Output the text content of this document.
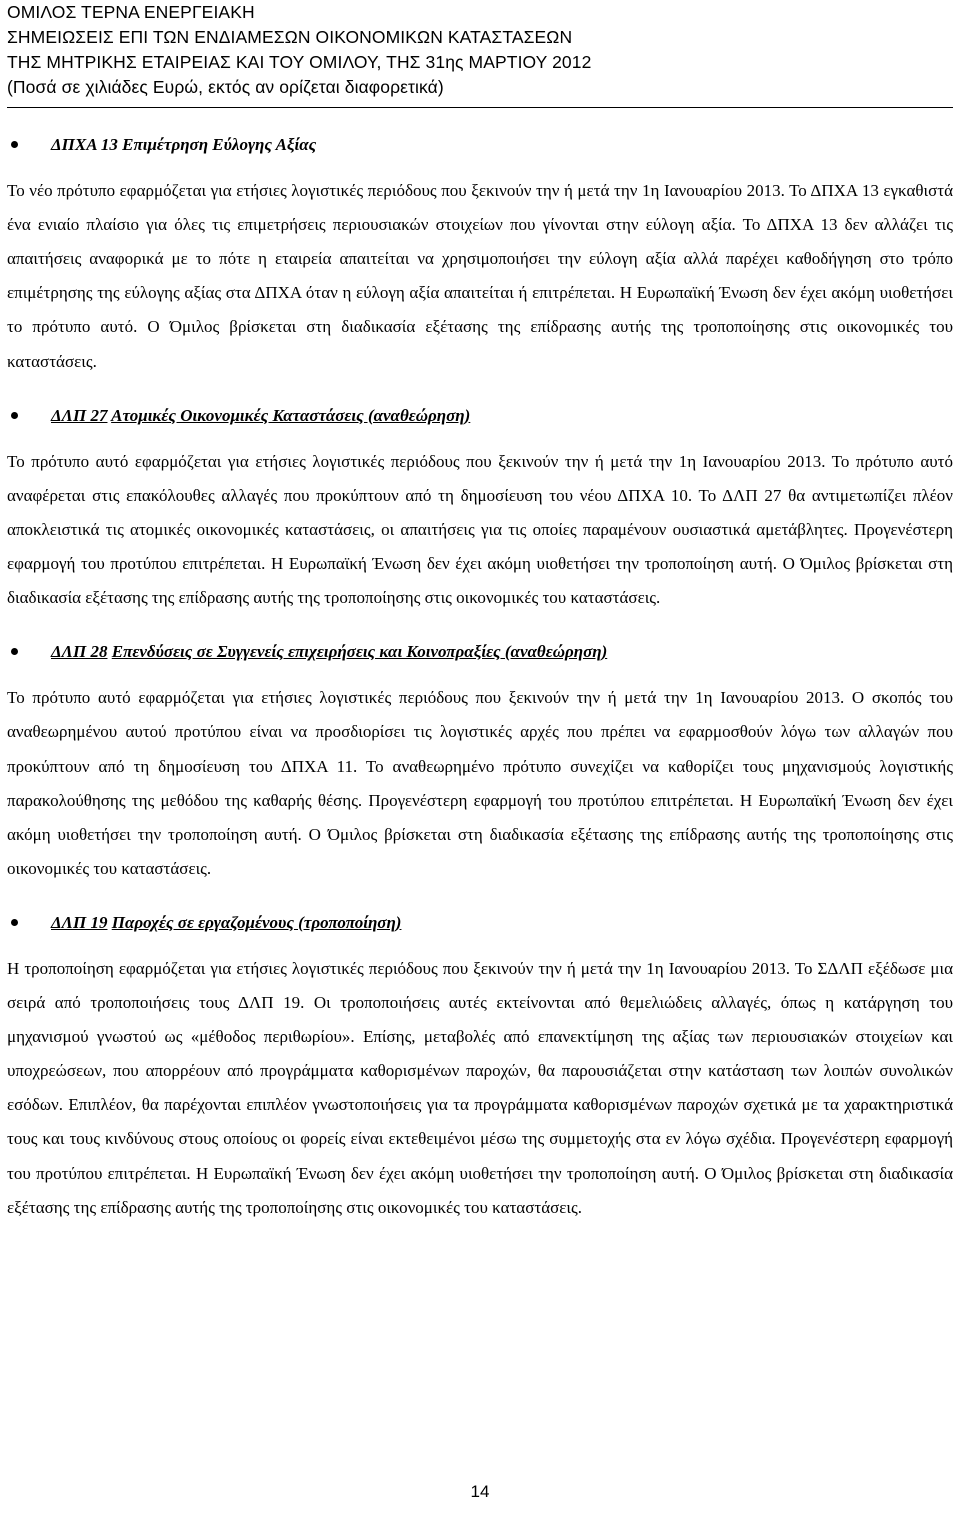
ΟΜΙΛΟΣ ΤΕΡΝΑ ΕΝΕΡΓΕΙΑΚΗ
ΣΗΜΕΙΩΣΕΙΣ ΕΠΙ ΤΩΝ ΕΝΔΙΑΜΕΣΩΝ ΟΙΚΟΝΟΜΙΚΩΝ ΚΑΤΑΣΤΑΣΕΩΝ
ΤΗΣ ΜΗΤΡΙΚΗΣ ΕΤΑΙΡΕΙΑΣ ΚΑΙ ΤΟΥ ΟΜΙΛΟΥ, ΤΗΣ 31ης ΜΑΡΤΙΟΥ 2012
(Ποσά σε χιλιάδες Ευρώ, εκτός αν ορίζεται διαφορετικά)
ΔΠΧΑ 13 Επιμέτρηση Εύλογης Αξίας

Το νέο πρότυπο εφαρμόζεται για ετήσιες λογιστικές περιόδους που ξεκινούν την ή μετά την 1η Ιανουαρίου 2013. Το ΔΠΧΑ 13 εγκαθιστά ένα ενιαίο πλαίσιο για όλες τις επιμετρήσεις περιουσιακών στοιχείων που γίνονται στην εύλογη αξία. Το ΔΠΧΑ 13 δεν αλλάζει τις απαιτήσεις αναφορικά με το πότε η εταιρεία απαιτείται να χρησιμοποιήσει την εύλογη αξία αλλά παρέχει καθοδήγηση στο τρόπο επιμέτρησης της εύλογης αξίας στα ΔΠΧΑ όταν η εύλογη αξία απαιτείται ή επιτρέπεται. Η Ευρωπαϊκή Ένωση δεν έχει ακόμη υιοθετήσει το πρότυπο αυτό. Ο Όμιλος βρίσκεται στη διαδικασία εξέτασης της επίδρασης αυτής της τροποποίησης στις οικονομικές του καταστάσεις.

ΔΛΠ 27 Ατομικές Οικονομικές Καταστάσεις (αναθεώρηση)

Το πρότυπο αυτό εφαρμόζεται για ετήσιες λογιστικές περιόδους που ξεκινούν την ή μετά την 1η Ιανουαρίου 2013. Το πρότυπο αυτό αναφέρεται στις επακόλουθες αλλαγές που προκύπτουν από τη δημοσίευση του νέου ΔΠΧΑ 10. Το ΔΛΠ 27 θα αντιμετωπίζει πλέον αποκλειστικά τις ατομικές οικονομικές καταστάσεις, οι απαιτήσεις για τις οποίες παραμένουν ουσιαστικά αμετάβλητες. Προγενέστερη εφαρμογή του προτύπου επιτρέπεται. Η Ευρωπαϊκή Ένωση δεν έχει ακόμη υιοθετήσει την τροποποίηση αυτή. Ο Όμιλος βρίσκεται στη διαδικασία εξέτασης της επίδρασης αυτής της τροποποίησης στις οικονομικές του καταστάσεις.

ΔΛΠ 28 Επενδύσεις σε Συγγενείς επιχειρήσεις και Κοινοπραξίες (αναθεώρηση)

Το πρότυπο αυτό εφαρμόζεται για ετήσιες λογιστικές περιόδους που ξεκινούν την ή μετά την 1η Ιανουαρίου 2013. Ο σκοπός του αναθεωρημένου αυτού προτύπου είναι να προσδιορίσει τις λογιστικές αρχές που πρέπει να εφαρμοσθούν λόγω των αλλαγών που προκύπτουν από τη δημοσίευση του ΔΠΧΑ 11. Το αναθεωρημένο πρότυπο συνεχίζει να καθορίζει τους μηχανισμούς λογιστικής παρακολούθησης της μεθόδου της καθαρής θέσης. Προγενέστερη εφαρμογή του προτύπου επιτρέπεται. Η Ευρωπαϊκή Ένωση δεν έχει ακόμη υιοθετήσει την τροποποίηση αυτή. Ο Όμιλος βρίσκεται στη διαδικασία εξέτασης της επίδρασης αυτής της τροποποίησης στις οικονομικές του καταστάσεις.

ΔΛΠ 19 Παροχές σε εργαζομένους (τροποποίηση)

Η τροποποίηση εφαρμόζεται για ετήσιες λογιστικές περιόδους που ξεκινούν την ή μετά την 1η Ιανουαρίου 2013. Το ΣΔΛΠ εξέδωσε μια σειρά από τροποποιήσεις τους ΔΛΠ 19. Οι τροποποιήσεις αυτές εκτείνονται από θεμελιώδεις αλλαγές, όπως η κατάργηση του μηχανισμού γνωστού ως «μέθοδος περιθωρίου». Επίσης, μεταβολές από επανεκτίμηση της αξίας των περιουσιακών στοιχείων και υποχρεώσεων, που απορρέουν από προγράμματα καθορισμένων παροχών, θα παρουσιάζεται στην κατάσταση των λοιπών συνολικών εσόδων. Επιπλέον, θα παρέχονται επιπλέον γνωστοποιήσεις για τα προγράμματα καθορισμένων παροχών σχετικά με τα χαρακτηριστικά τους και τους κινδύνους στους οποίους οι φορείς είναι εκτεθειμένοι μέσω της συμμετοχής στα εν λόγω σχέδια. Προγενέστερη εφαρμογή του προτύπου επιτρέπεται. Η Ευρωπαϊκή Ένωση δεν έχει ακόμη υιοθετήσει την τροποποίηση αυτή. Ο Όμιλος βρίσκεται στη διαδικασία εξέτασης της επίδρασης αυτής της τροποποίησης στις οικονομικές του καταστάσεις.

14
